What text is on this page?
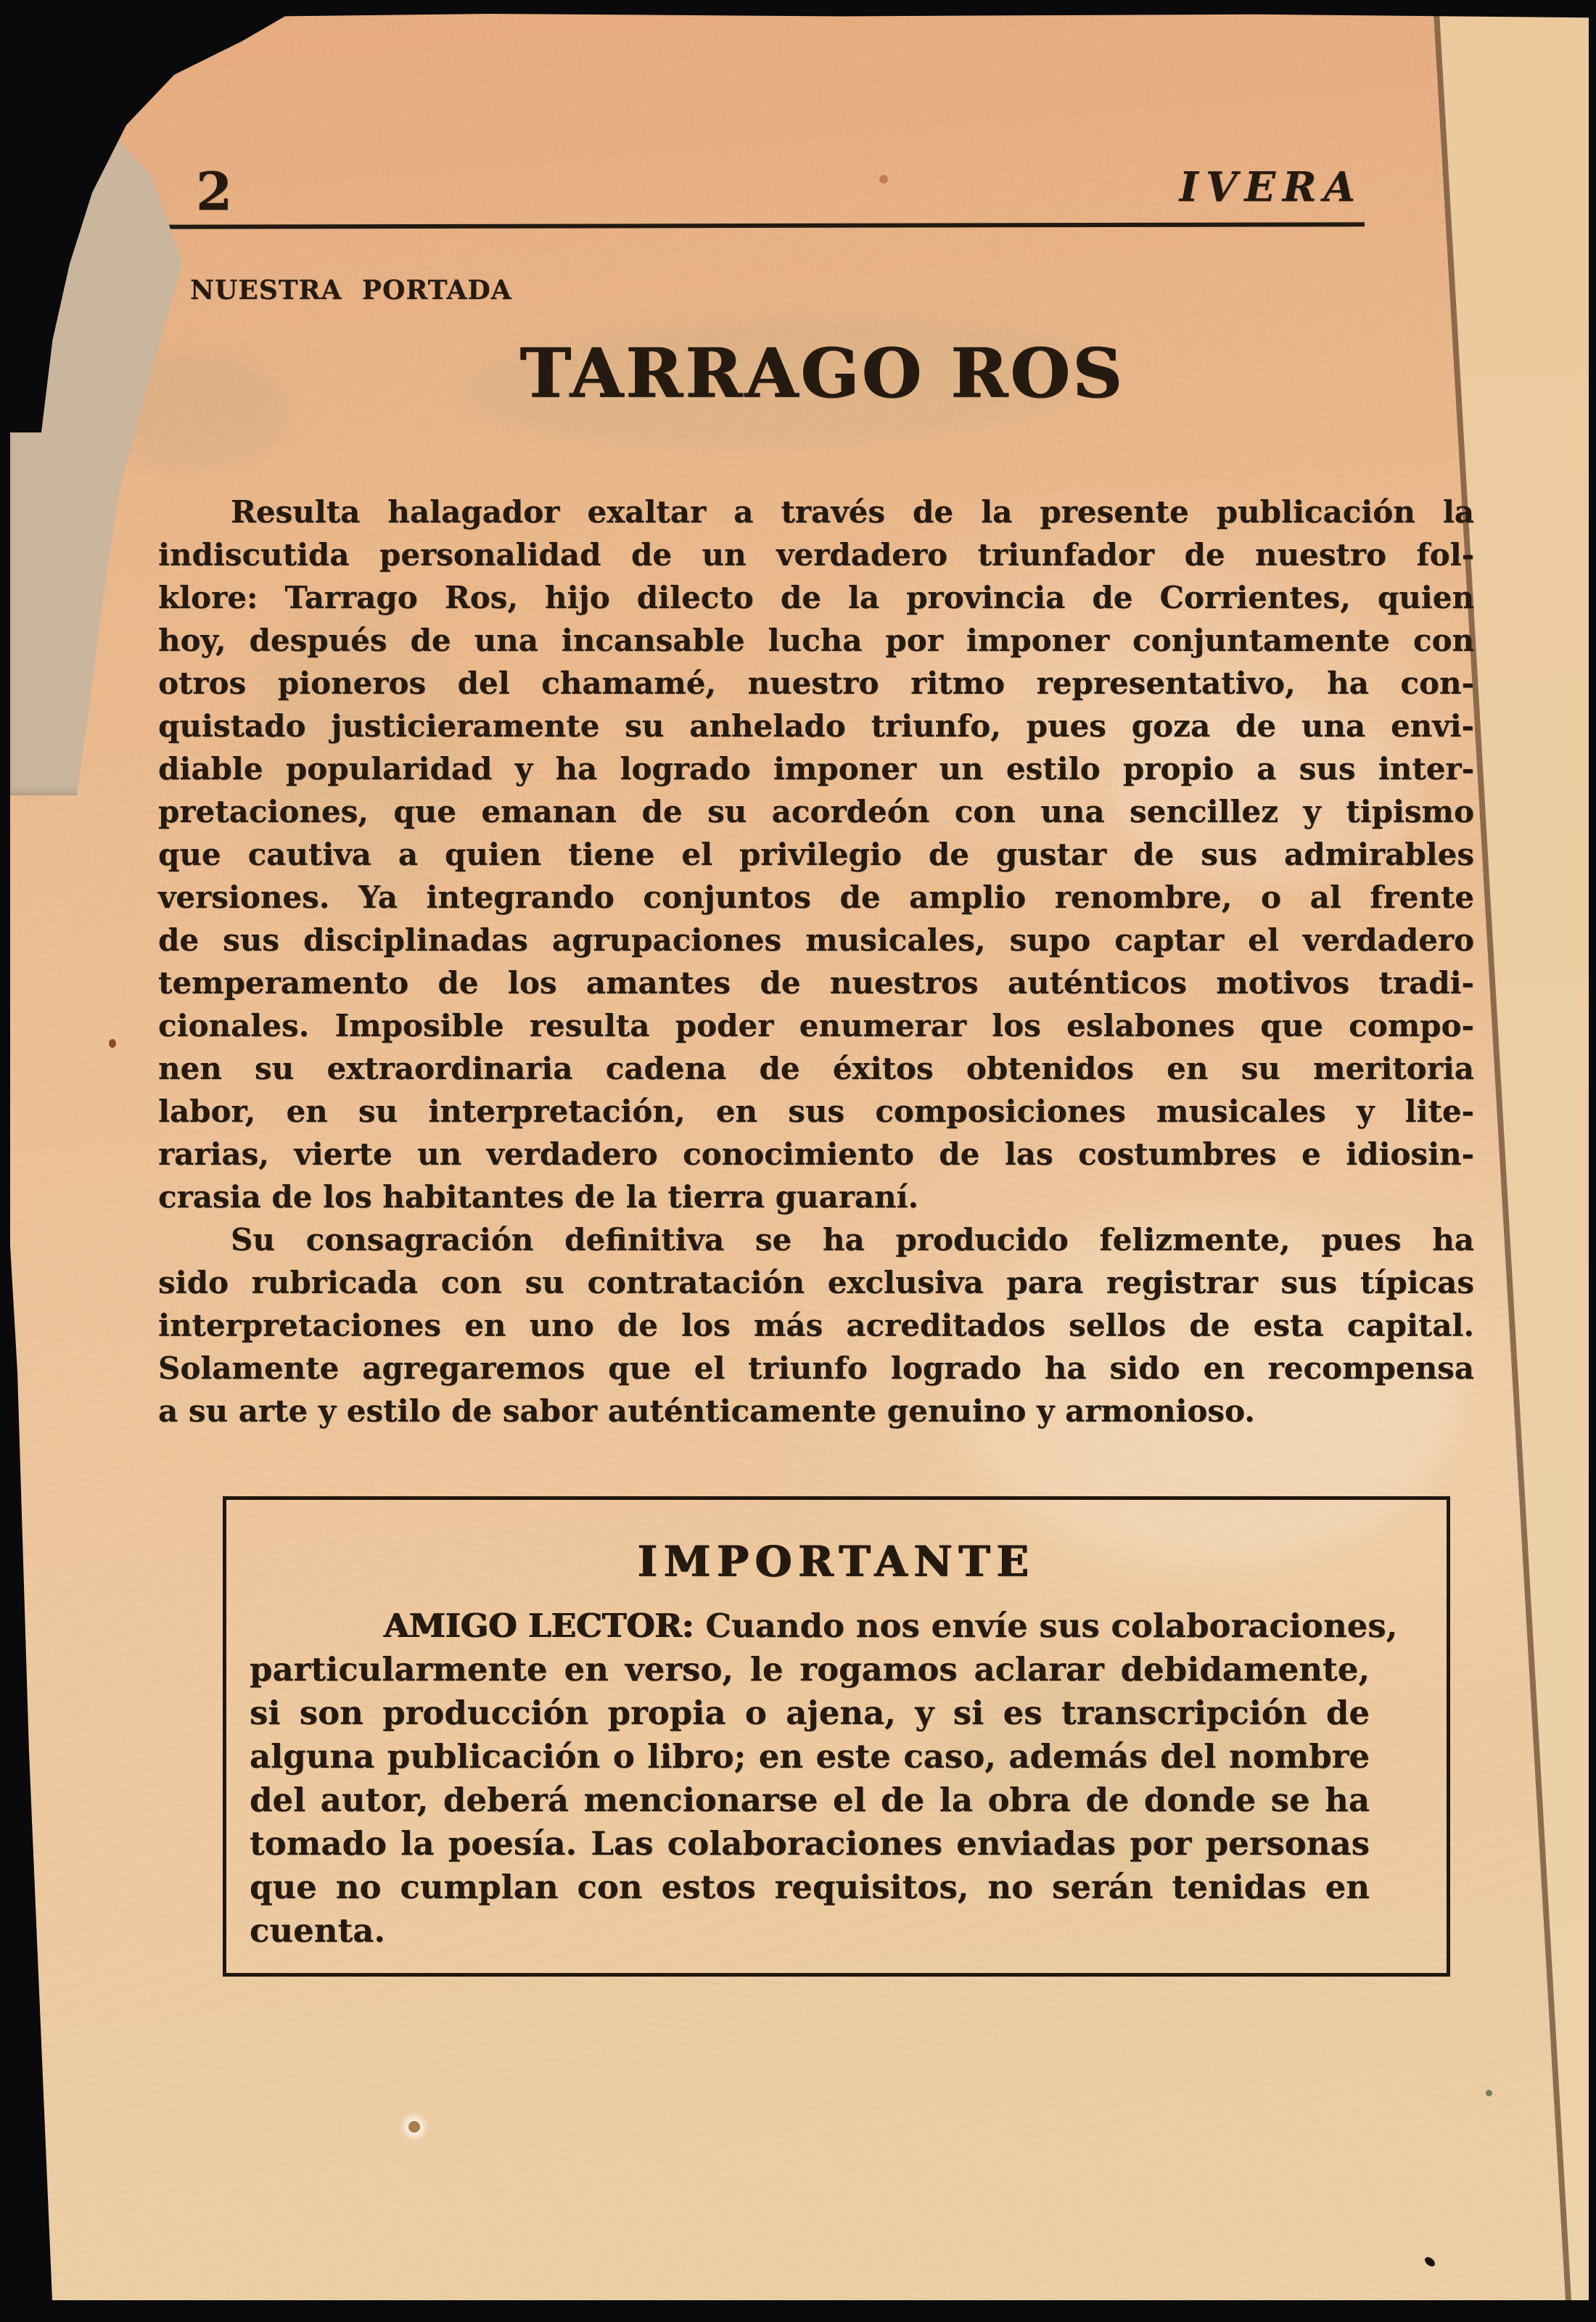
2	IVERA
NUESTRA PORTADA
TARRAGO ROS
Resulta halagador exaltar a través de la presente publicación la
indiscutida personalidad de un verdadero triunfador de nuestro fol-
klore: Tarrago Ros, hijo dilecto de la provincia de Corrientes, quien
hoy, después de una incansable lucha por imponer conjuntamente con
otros pioneros del chamamé, nuestro ritmo representativo, ha con-
quistado justicieramente su anhelado triunfo, pues goza de una envi-
diable popularidad y ha logrado imponer un estilo propio a sus inter-
pretaciones, que emanan de su acordeón con una sencillez y tipismo
que cautiva a quien tiene el privilegio de gustar de sus admirables
versiones. Ya integrando conjuntos de amplio renombre, o al frente
de sus disciplinadas agrupaciones musicales, supo captar el verdadero
temperamento de los amantes de nuestros auténticos motivos tradi-
cionales. Imposible resulta poder enumerar los eslabones que compo-
nen su extraordinaria cadena de éxitos obtenidos en su meritoria
labor, en su interpretación, en sus composiciones musicales y lite-
rarias, vierte un verdadero conocimiento de las costumbres e idiosin-
crasia de los habitantes de la tierra guaraní.
Su consagración definitiva se ha producido felizmente, pues ha
sido rubricada con su contratación exclusiva para registrar sus típicas
interpretaciones en uno de los más acreditados sellos de esta capital.
Solamente agregaremos que el triunfo logrado ha sido en recompensa
a su arte y estilo de sabor auténticamente genuino y armonioso.
IMPORTANTE
AMIGO LECTOR: Cuando nos envíe sus colaboraciones,
particularmente en verso, le rogamos aclarar debidamente,
si son producción propia o ajena, y si es transcripción de
alguna publicación o libro; en este caso, además del nombre
del autor, deberá mencionarse el de la obra de donde se ha
tomado la poesía. Las colaboraciones enviadas por personas
que no cumplan con estos requisitos, no serán tenidas en
cuenta.
